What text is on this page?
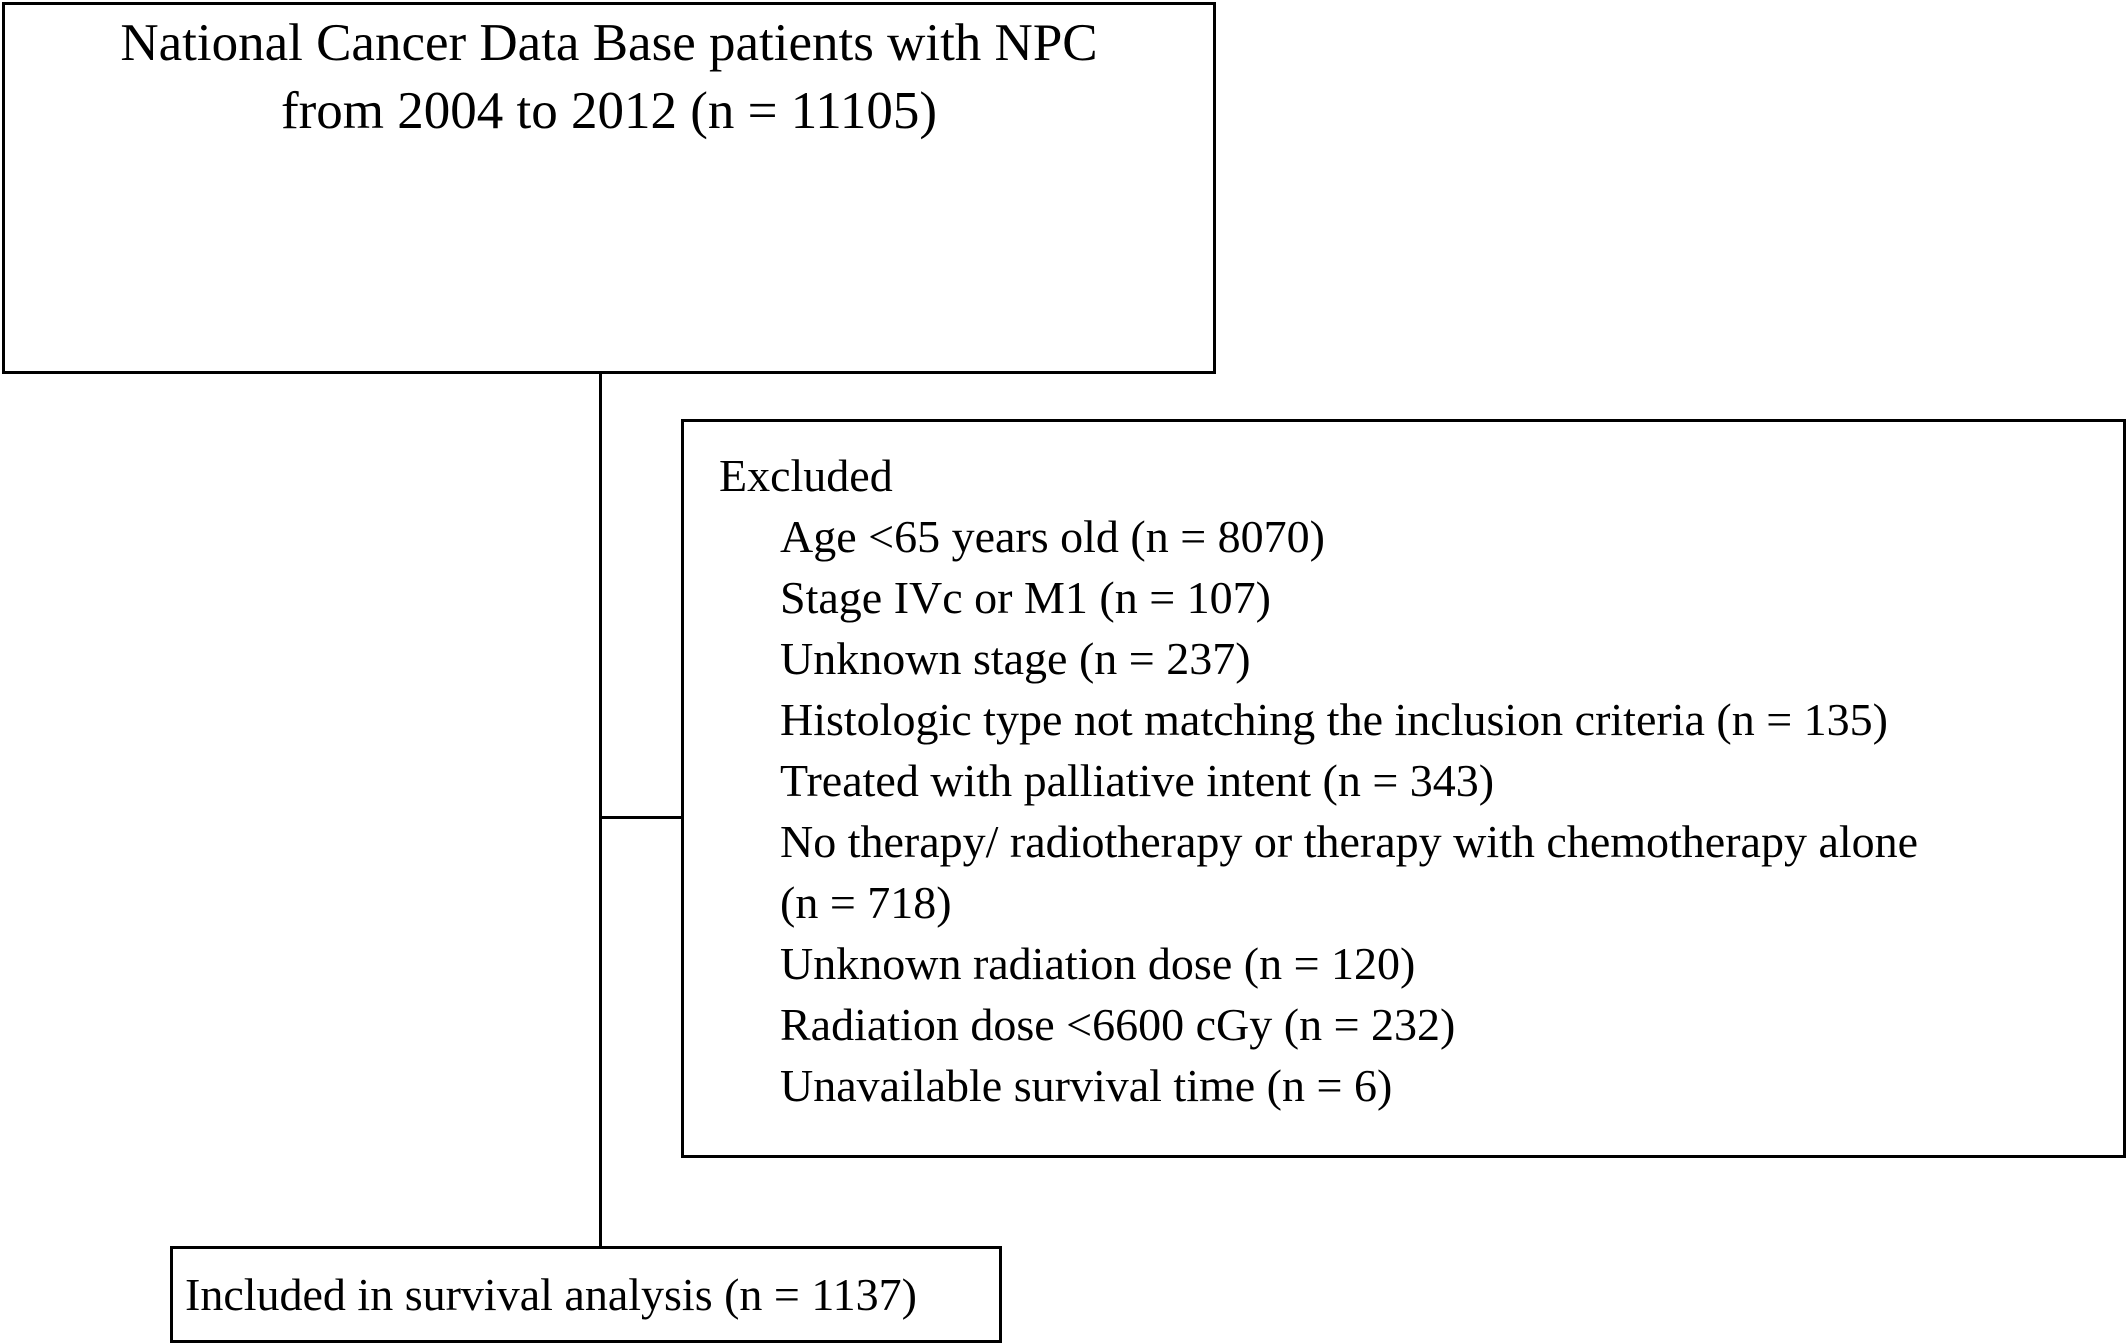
National Cancer Data Base patients with NPC
from 2004 to 2012 (n = 11105)
Excluded
Age <65 years old (n = 8070)
Stage IVc or M1 (n = 107)
Unknown stage (n = 237)
Histologic type not matching the inclusion criteria (n = 135)
Treated with palliative intent (n = 343)
No therapy/ radiotherapy or therapy with chemotherapy alone
(n = 718)
Unknown radiation dose (n = 120)
Radiation dose <6600 cGy (n = 232)
Unavailable survival time (n = 6)
Included in survival analysis (n = 1137)
